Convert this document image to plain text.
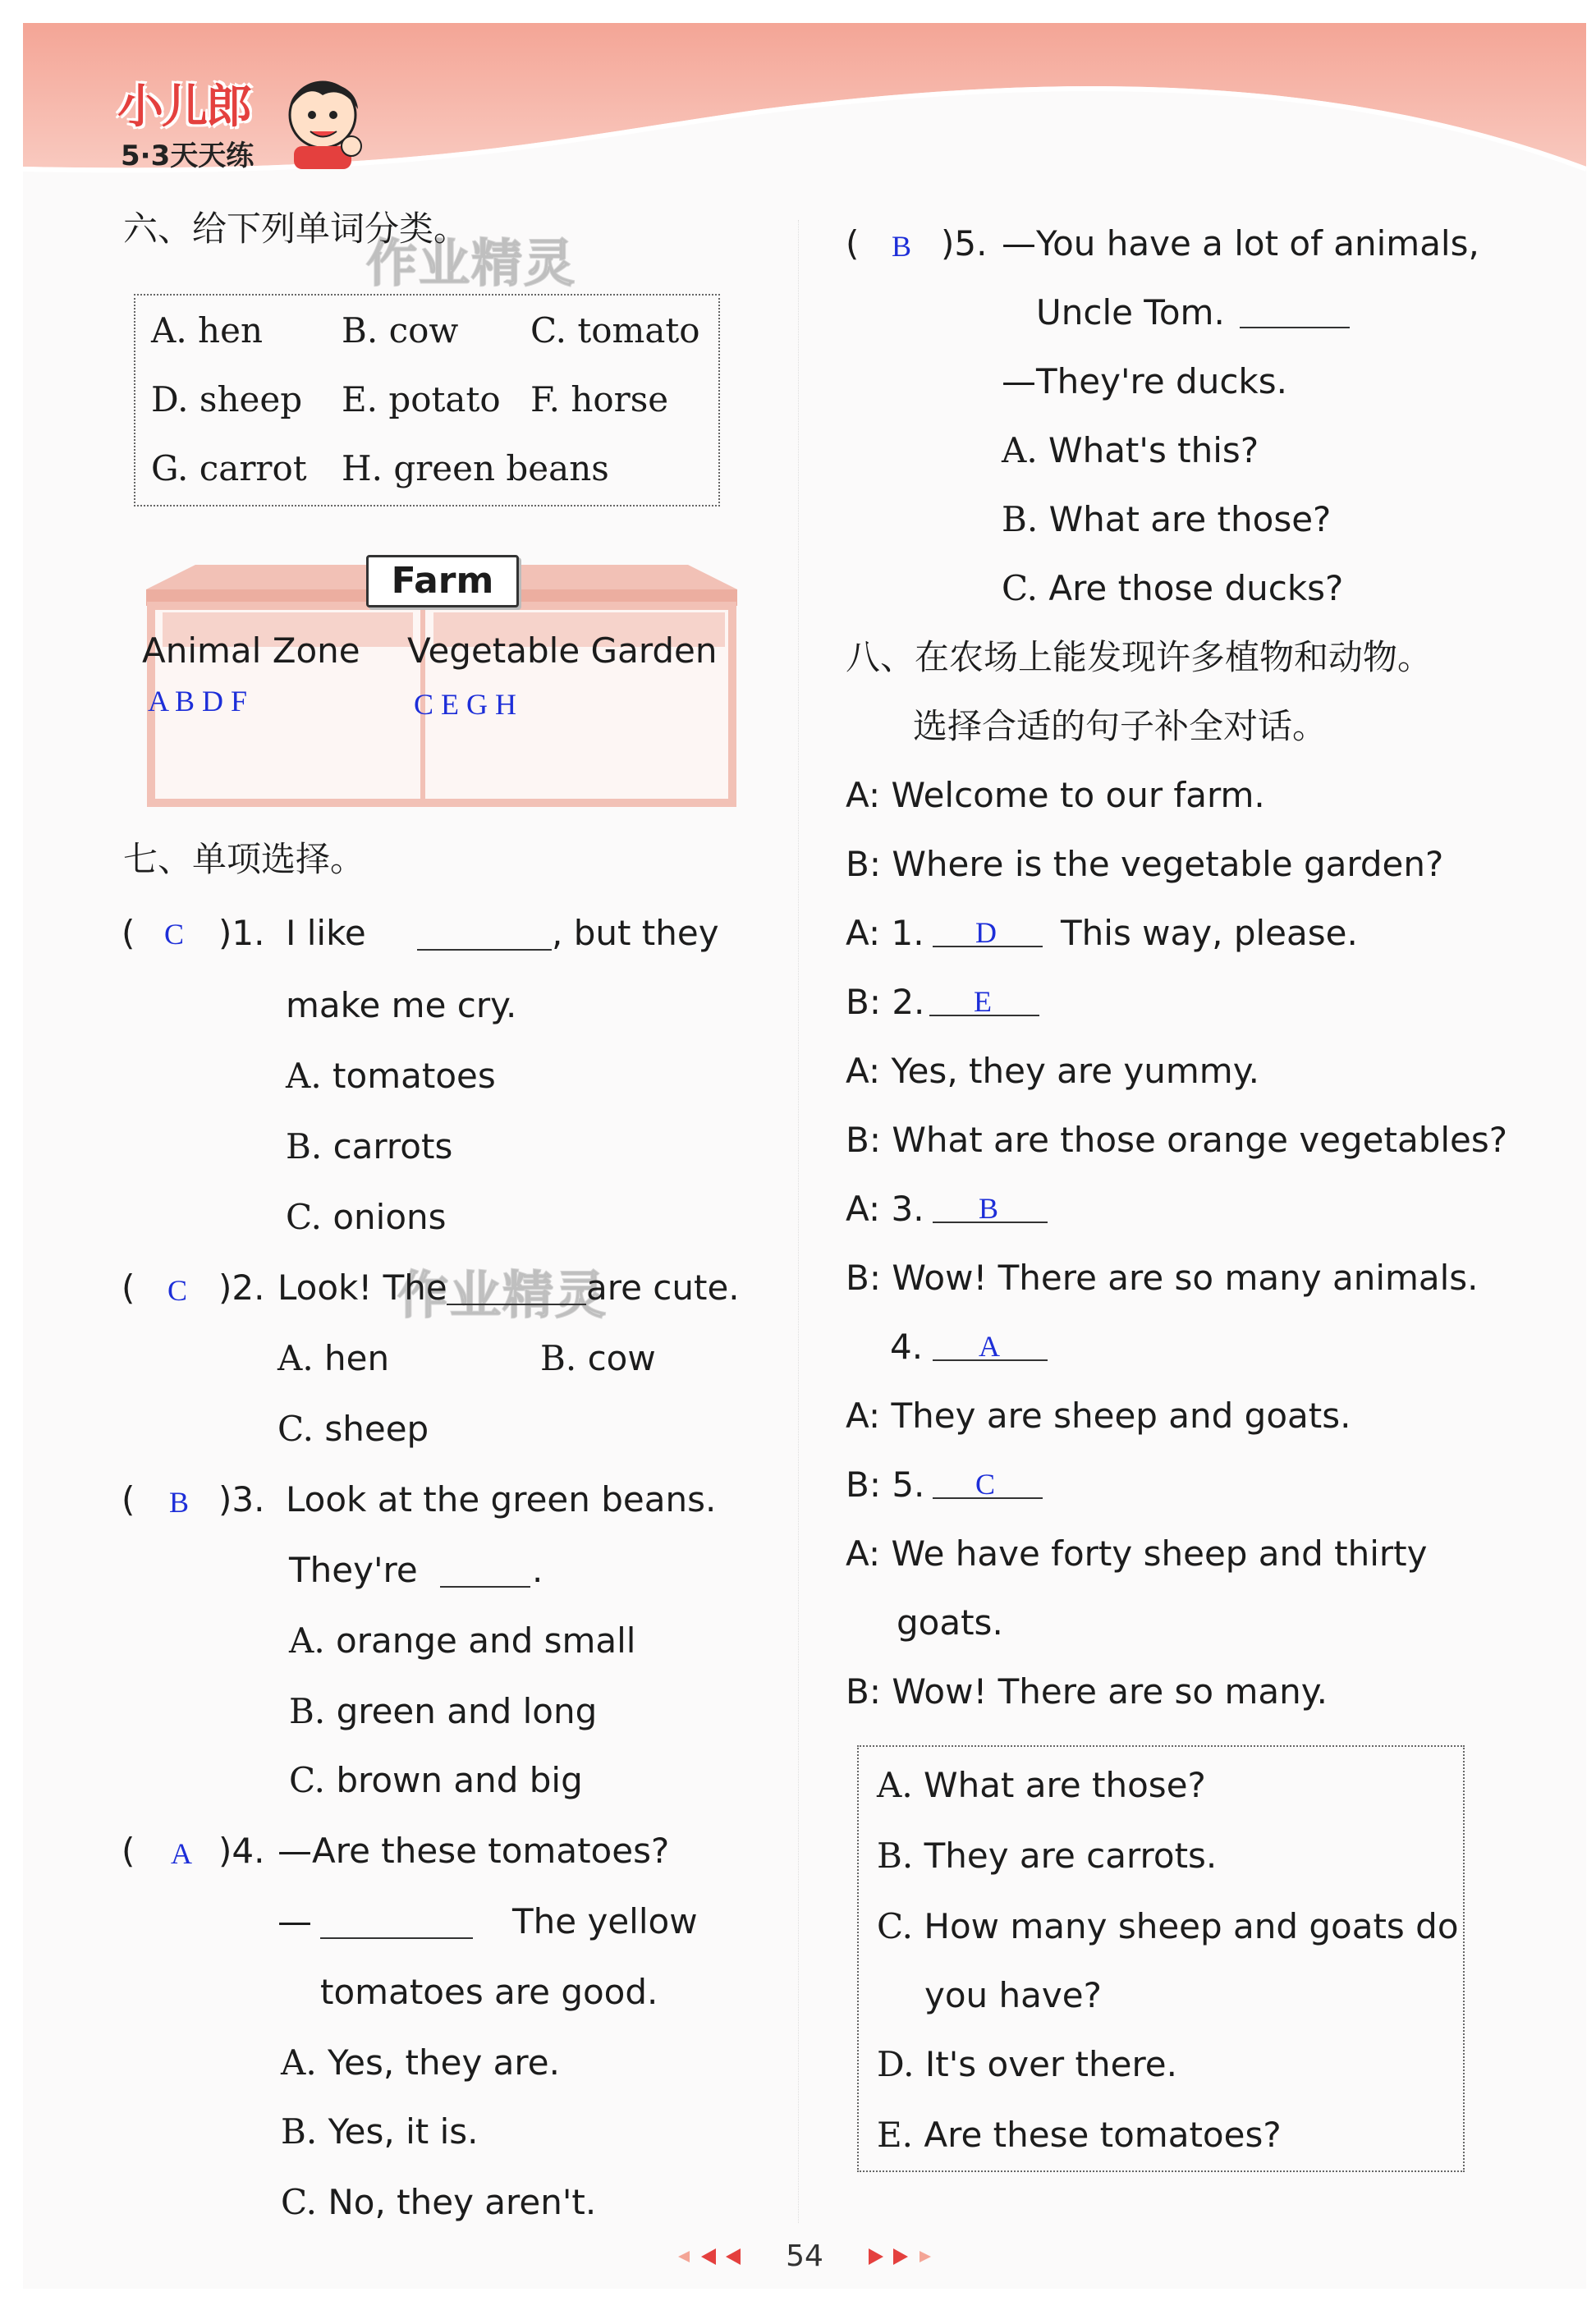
小儿郎
5·3天天练
作业精灵
作业精灵
六、给下列单词分类。
A. hen B. cow C. tomato
D. sheep E. potato F. horse
G. carrot H. green beans
Farm
Animal Zone Vegetable Garden
A B D F	C E G H
七、单项选择。
( C )1. I like	, but they
make me cry.
A. tomatoes
B. carrots
C. onions
( C )2. Look! The	are cute.
A. hen	B. cow
C. sheep
( B )3. Look at the green beans.
They're	.
A. orange and small
B. green and long
C. brown and big
( A )4. —Are these tomatoes?
—	The yellow
tomatoes are good.
A. Yes, they are.
B. Yes, it is.
C. No, they aren't.
( B )5. —You have a lot of animals,
Uncle Tom.
—They're ducks.
A. What's this?
B. What are those?
C. Are those ducks?
八、在农场上能发现许多植物和动物。
选择合适的句子补全对话。
A: Welcome to our farm.
B: Where is the vegetable garden?
A: 1. D This way, please.
B: 2. E
A: Yes, they are yummy.
B: What are those orange vegetables?
A: 3. B
B: Wow! There are so many animals.
4. A
A: They are sheep and goats.
B: 5. C
A: We have forty sheep and thirty
goats.
B: Wow! There are so many.
A. What are those?
B. They are carrots.
C. How many sheep and goats do
you have?
D. It's over there.
E. Are these tomatoes?
54
